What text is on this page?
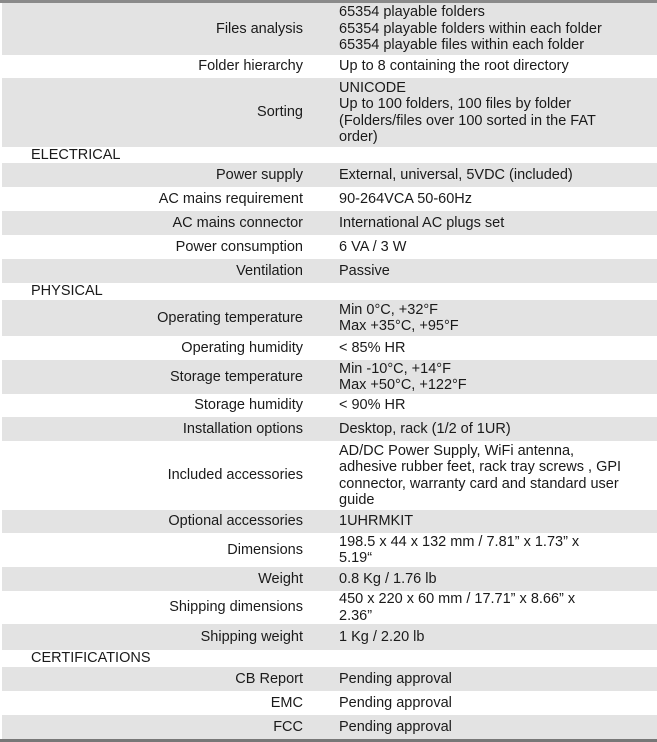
Files analysis
65354 playable folders
65354 playable folders within each folder
65354 playable files within each folder
Folder hierarchy Up to 8 containing the root directory
Sorting
UNICODE
Up to 100 folders, 100 files by folder
(Folders/files over 100 sorted in the FAT
order)
ELECTRICAL
Power supply External, universal, 5VDC (included)
AC mains requirement 90-264VCA 50-60Hz
AC mains connector International AC plugs set
Power consumption 6 VA / 3 W
Ventilation Passive
PHYSICAL
Operating temperature
Min 0°C, +32°F
Max +35°C, +95°F
Operating humidity < 85% HR
Storage temperature
Min -10°C, +14°F
Max +50°C, +122°F
Storage humidity < 90% HR
Installation options Desktop, rack (1/2 of 1UR)
Included accessories
AD/DC Power Supply, WiFi antenna,
adhesive rubber feet, rack tray screws , GPI
connector, warranty card and standard user
guide
Optional accessories 1UHRMKIT
Dimensions
198.5 x 44 x 132 mm / 7.81” x 1.73” x
5.19“
Weight 0.8 Kg / 1.76 lb
Shipping dimensions
450 x 220 x 60 mm / 17.71” x 8.66” x
2.36”
Shipping weight 1 Kg / 2.20 lb
CERTIFICATIONS
CB Report Pending approval
EMC Pending approval
FCC Pending approval
